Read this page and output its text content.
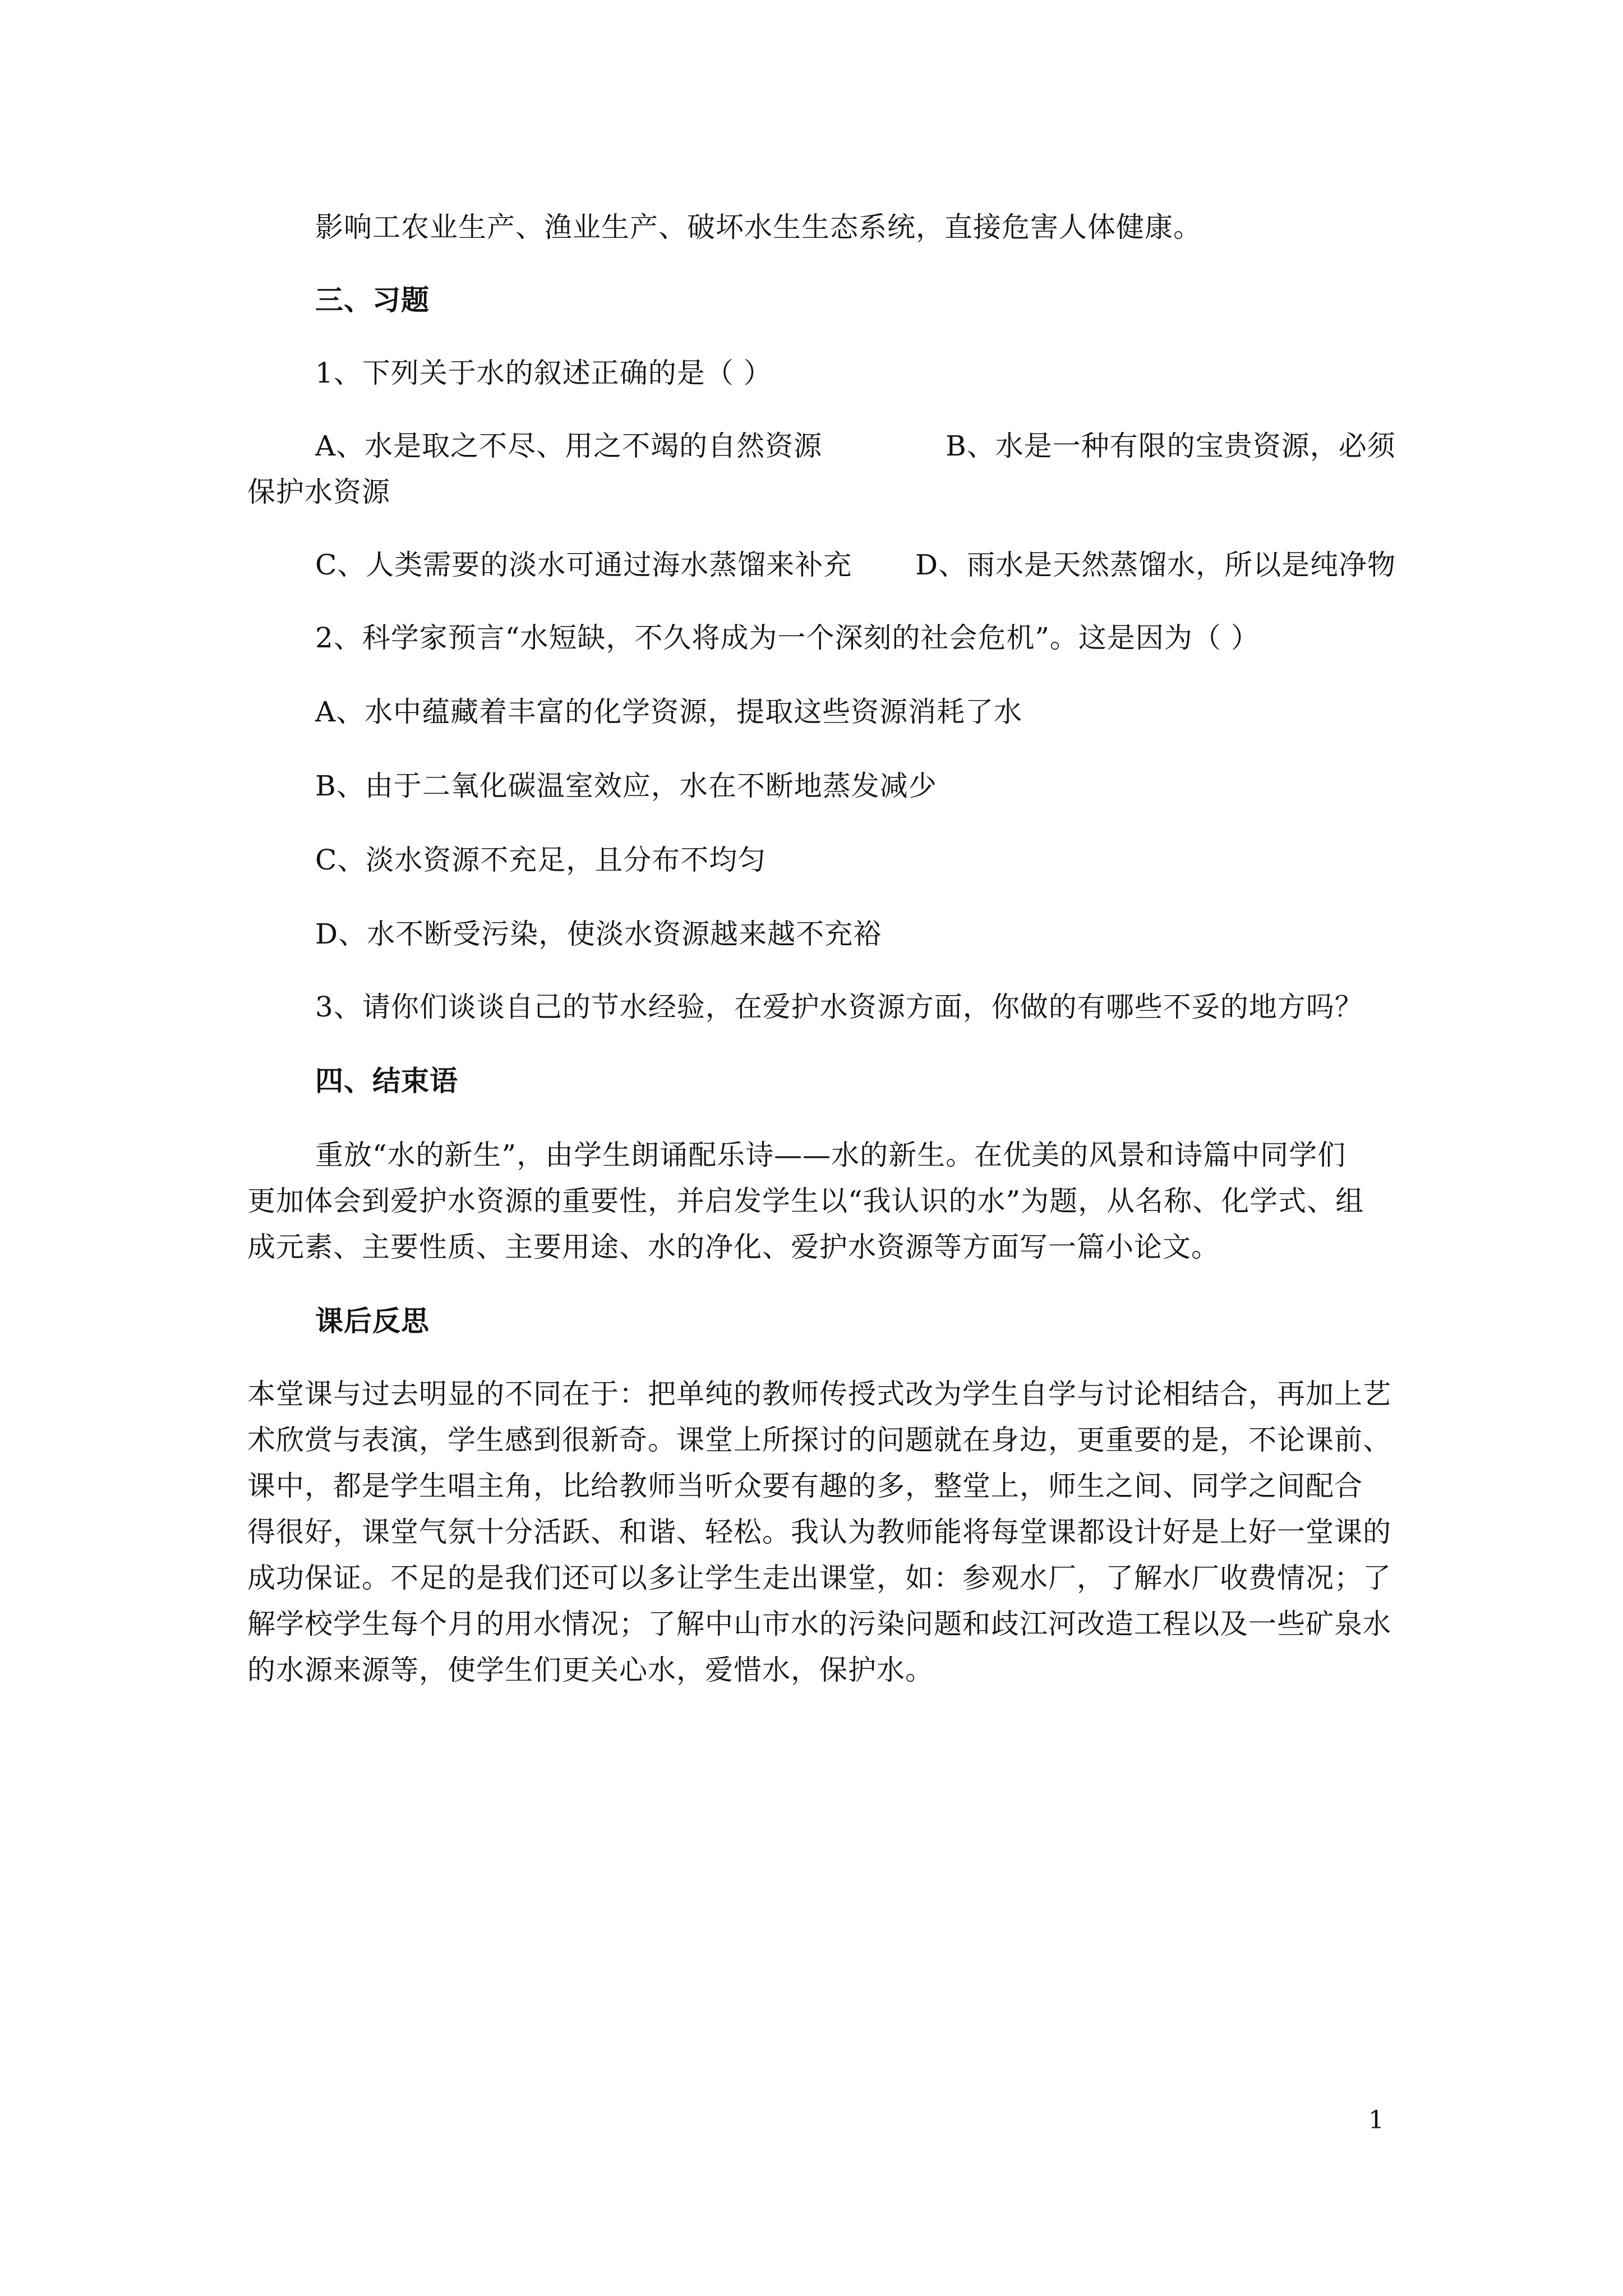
影响工农业生产、渔业生产、破坏水生生态系统，直接危害人体健康。
三、习题
1、下列关于水的叙述正确的是（ ）
A、水是取之不尽、用之不竭的自然资源	B、水是一种有限的宝贵资源，必须
保护水资源
C、人类需要的淡水可通过海水蒸馏来补充 D、雨水是天然蒸馏水，所以是纯净物
2、科学家预言“水短缺，不久将成为一个深刻的社会危机”。这是因为（ ）
A、水中蕴藏着丰富的化学资源，提取这些资源消耗了水
B、由于二氧化碳温室效应，水在不断地蒸发减少
C、淡水资源不充足，且分布不均匀
D、水不断受污染，使淡水资源越来越不充裕
3、请你们谈谈自己的节水经验，在爱护水资源方面，你做的有哪些不妥的地方吗？
四、结束语
重放“水的新生”，由学生朗诵配乐诗——水的新生。在优美的风景和诗篇中同学们
更加体会到爱护水资源的重要性，并启发学生以“我认识的水”为题，从名称、化学式、组
成元素、主要性质、主要用途、水的净化、爱护水资源等方面写一篇小论文。
课后反思
本堂课与过去明显的不同在于：把单纯的教师传授式改为学生自学与讨论相结合，再加上艺
术欣赏与表演，学生感到很新奇。课堂上所探讨的问题就在身边，更重要的是，不论课前、
课中，都是学生唱主角，比给教师当听众要有趣的多，整堂上，师生之间、同学之间配合
得很好，课堂气氛十分活跃、和谐、轻松。我认为教师能将每堂课都设计好是上好一堂课的
成功保证。不足的是我们还可以多让学生走出课堂，如：参观水厂，了解水厂收费情况；了
解学校学生每个月的用水情况；了解中山市水的污染问题和歧江河改造工程以及一些矿泉水
的水源来源等，使学生们更关心水，爱惜水，保护水。
1
